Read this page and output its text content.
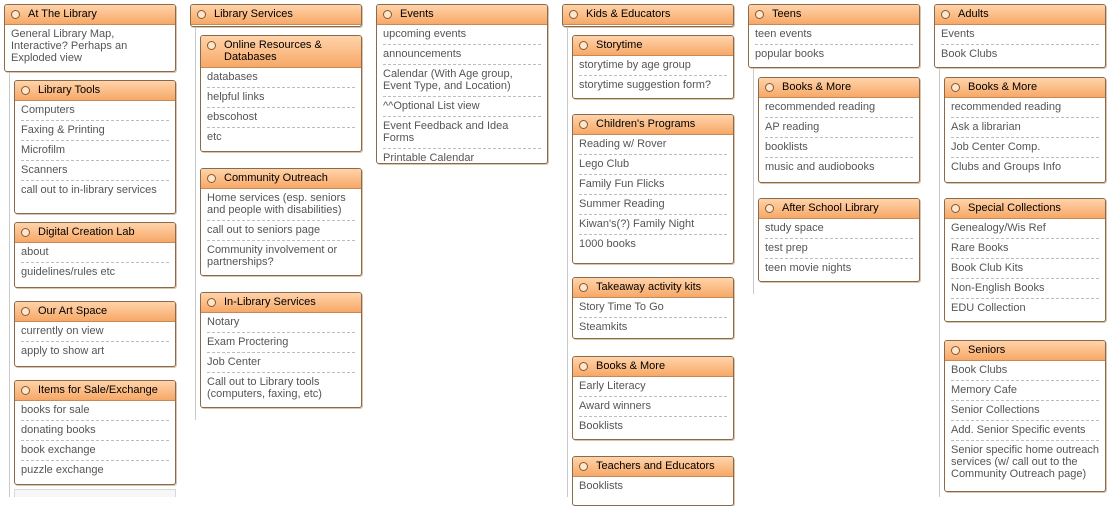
At The Library
General Library Map, Interactive? Perhaps an Exploded view
Library Tools
Computers
Faxing & Printing
Microfilm
Scanners
call out to in-library services
Digital Creation Lab
about
guidelines/rules etc
Our Art Space
currently on view
apply to show art
Items for Sale/Exchange
books for sale
donating books
book exchange
puzzle exchange
Library Services
Online Resources & Databases
databases
helpful links
ebscohost
etc
Community Outreach
Home services (esp. seniors and people with disabilities)
call out to seniors page
Community involvement or partnerships?
In-Library Services
Notary
Exam Proctering
Job Center
Call out to Library tools (computers, faxing, etc)
Events
upcoming events
announcements
Calendar (With Age group, Event Type, and Location)
^^Optional List view
Event Feedback and Idea Forms
Printable Calendar
Kids & Educators
Storytime
storytime by age group
storytime suggestion form?
Children's Programs
Reading w/ Rover
Lego Club
Family Fun Flicks
Summer Reading
Kiwan's(?) Family Night
1000 books
Takeaway activity kits
Story Time To Go
Steamkits
Books & More
Early Literacy
Award winners
Booklists
Teachers and Educators
Booklists
Teens
teen events
popular books
Books & More
recommended reading
AP reading
booklists
music and audiobooks
After School Library
study space
test prep
teen movie nights
Adults
Events
Book Clubs
Books & More
recommended reading
Ask a librarian
Job Center Comp.
Clubs and Groups Info
Special Collections
Genealogy/Wis Ref
Rare Books
Book Club Kits
Non-English Books
EDU Collection
Seniors
Book Clubs
Memory Cafe
Senior Collections
Add. Senior Specific events
Senior specific home outreach services (w/ call out to the Community Outreach page)
